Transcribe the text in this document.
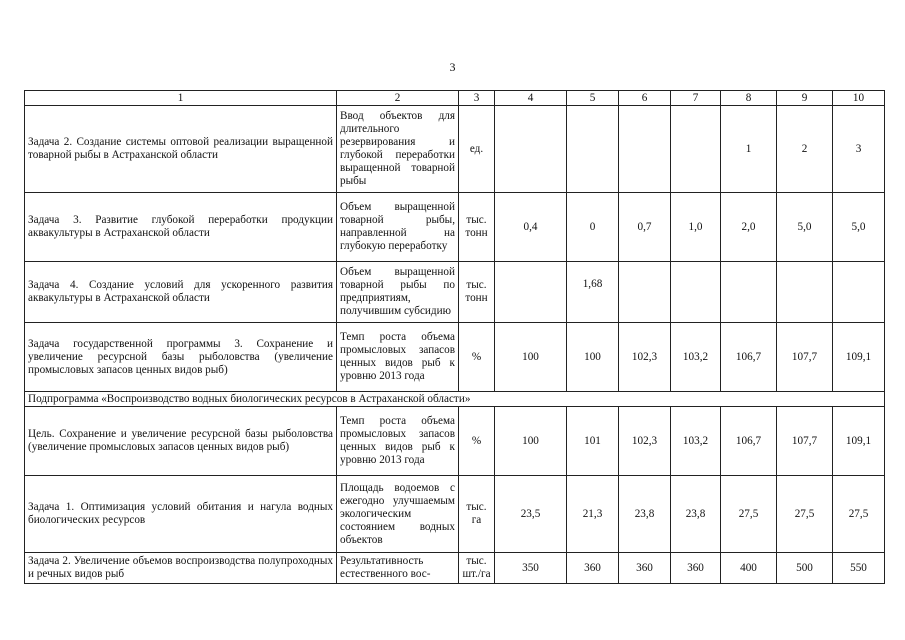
3
1	2	3	4	5	6	7	8	9	10
Задача 2. Создание системы оптовой реализации выращенной товарной рыбы в Астраханской области	Ввод объектов для длительного резервирования и глубокой переработки выращенной товарной рыбы	ед.					1	2	3
Задача 3. Развитие глубокой переработки продукции аквакультуры в Астраханской области	Объем выращенной товарной рыбы, направленной на глубокую переработку	тыс. тонн	0,4	0	0,7	1,0	2,0	5,0	5,0
Задача 4. Создание условий для ускоренного развития аквакультуры в Астраханской области	Объем выращенной товарной рыбы по предприятиям, получившим субсидию	тыс. тонн		1,68					
Задача государственной программы 3. Сохранение и увеличение ресурсной базы рыболовства (увеличение промысловых запасов ценных видов рыб)	Темп роста объема промысловых запасов ценных видов рыб к уровню 2013 года	%	100	100	102,3	103,2	106,7	107,7	109,1
Подпрограмма «Воспроизводство водных биологических ресурсов в Астраханской области»									
Цель. Сохранение и увеличение ресурсной базы рыболовства (увеличение промысловых запасов ценных видов рыб)	Темп роста объема промысловых запасов ценных видов рыб к уровню 2013 года	%	100	101	102,3	103,2	106,7	107,7	109,1
Задача 1. Оптимизация условий обитания и нагула водных биологических ресурсов	Площадь водоемов с ежегодно улучшаемым экологическим состоянием водных объектов	тыс. га	23,5	21,3	23,8	23,8	27,5	27,5	27,5
Задача 2. Увеличение объемов воспроизводства полупроходных и речных видов рыб	Результативность естественного вос-	тыс. шт./га	350	360	360	360	400	500	550
